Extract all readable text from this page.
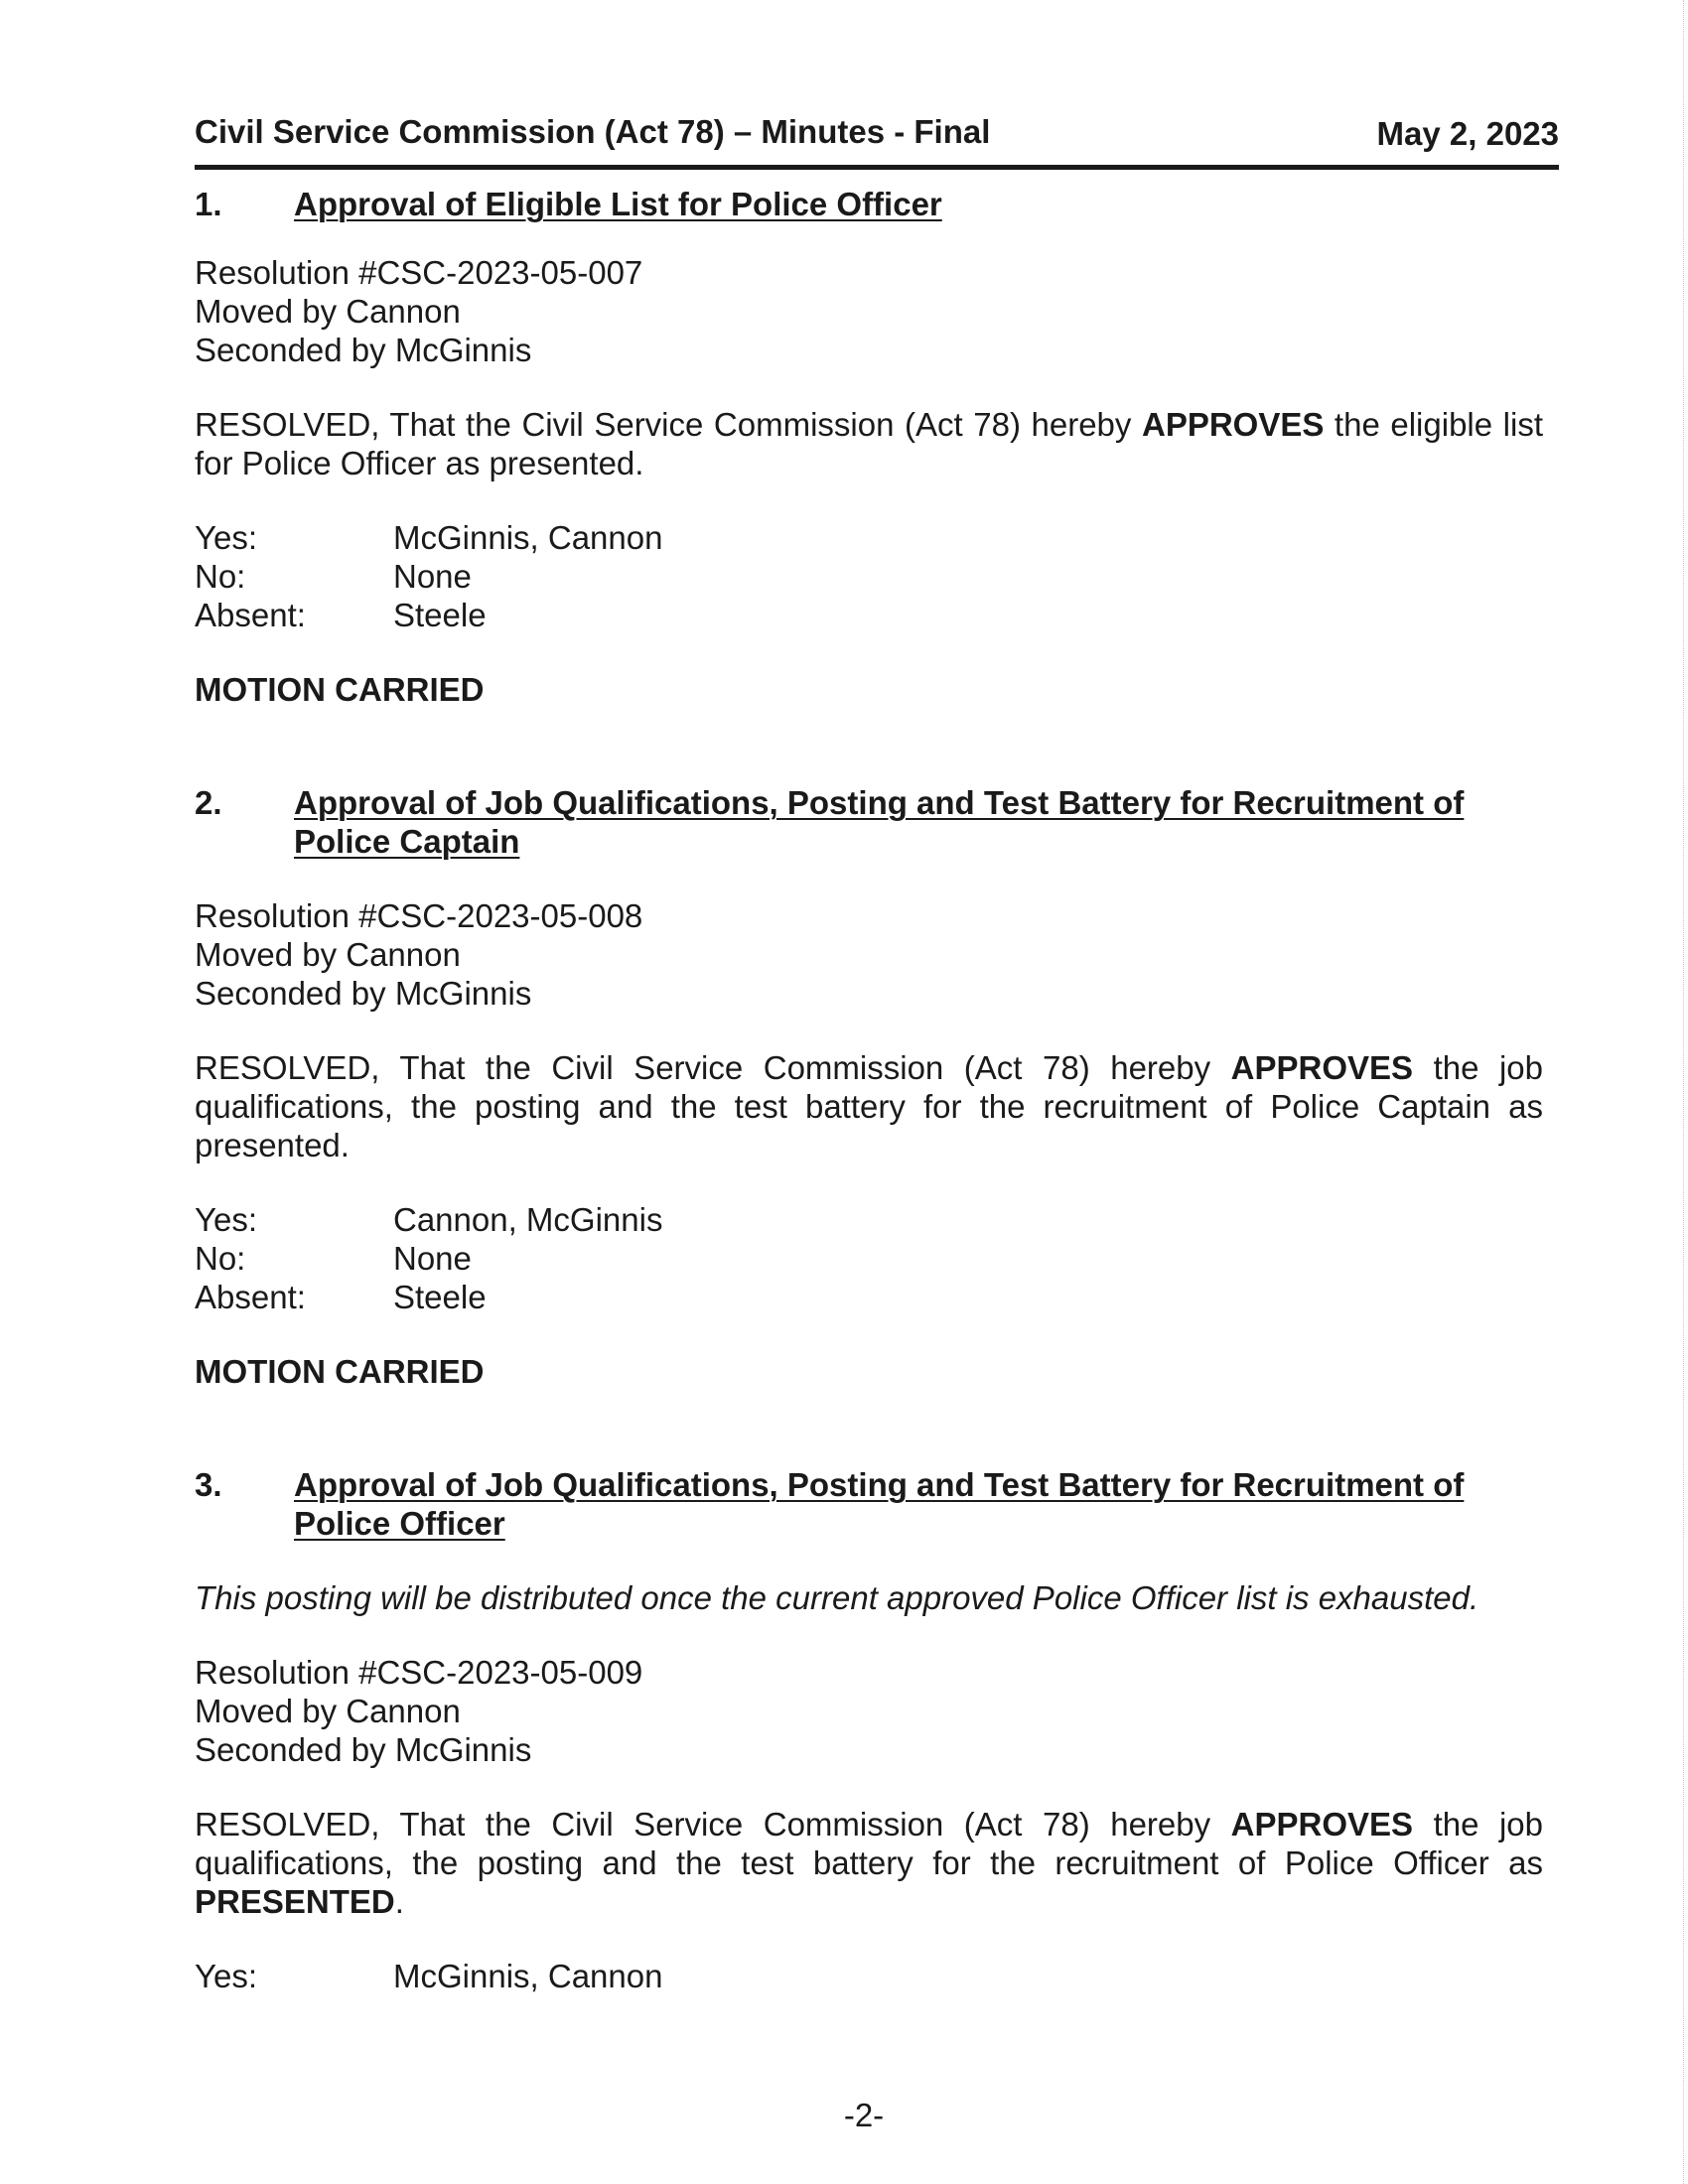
Civil Service Commission (Act 78) – Minutes - Final	May 2, 2023
1.	Approval of Eligible List for Police Officer
Resolution #CSC-2023-05-007
Moved by Cannon
Seconded by McGinnis
RESOLVED, That the Civil Service Commission (Act 78) hereby APPROVES the eligible list for Police Officer as presented.
Yes:	McGinnis, Cannon
No:	None
Absent:	Steele
MOTION CARRIED
2.	Approval of Job Qualifications, Posting and Test Battery for Recruitment of Police Captain
Resolution #CSC-2023-05-008
Moved by Cannon
Seconded by McGinnis
RESOLVED, That the Civil Service Commission (Act 78) hereby APPROVES the job qualifications, the posting and the test battery for the recruitment of Police Captain as presented.
Yes:	Cannon, McGinnis
No:	None
Absent:	Steele
MOTION CARRIED
3.	Approval of Job Qualifications, Posting and Test Battery for Recruitment of Police Officer
This posting will be distributed once the current approved Police Officer list is exhausted.
Resolution #CSC-2023-05-009
Moved by Cannon
Seconded by McGinnis
RESOLVED, That the Civil Service Commission (Act 78) hereby APPROVES the job qualifications, the posting and the test battery for the recruitment of Police Officer as PRESENTED.
Yes:	McGinnis, Cannon
-2-
